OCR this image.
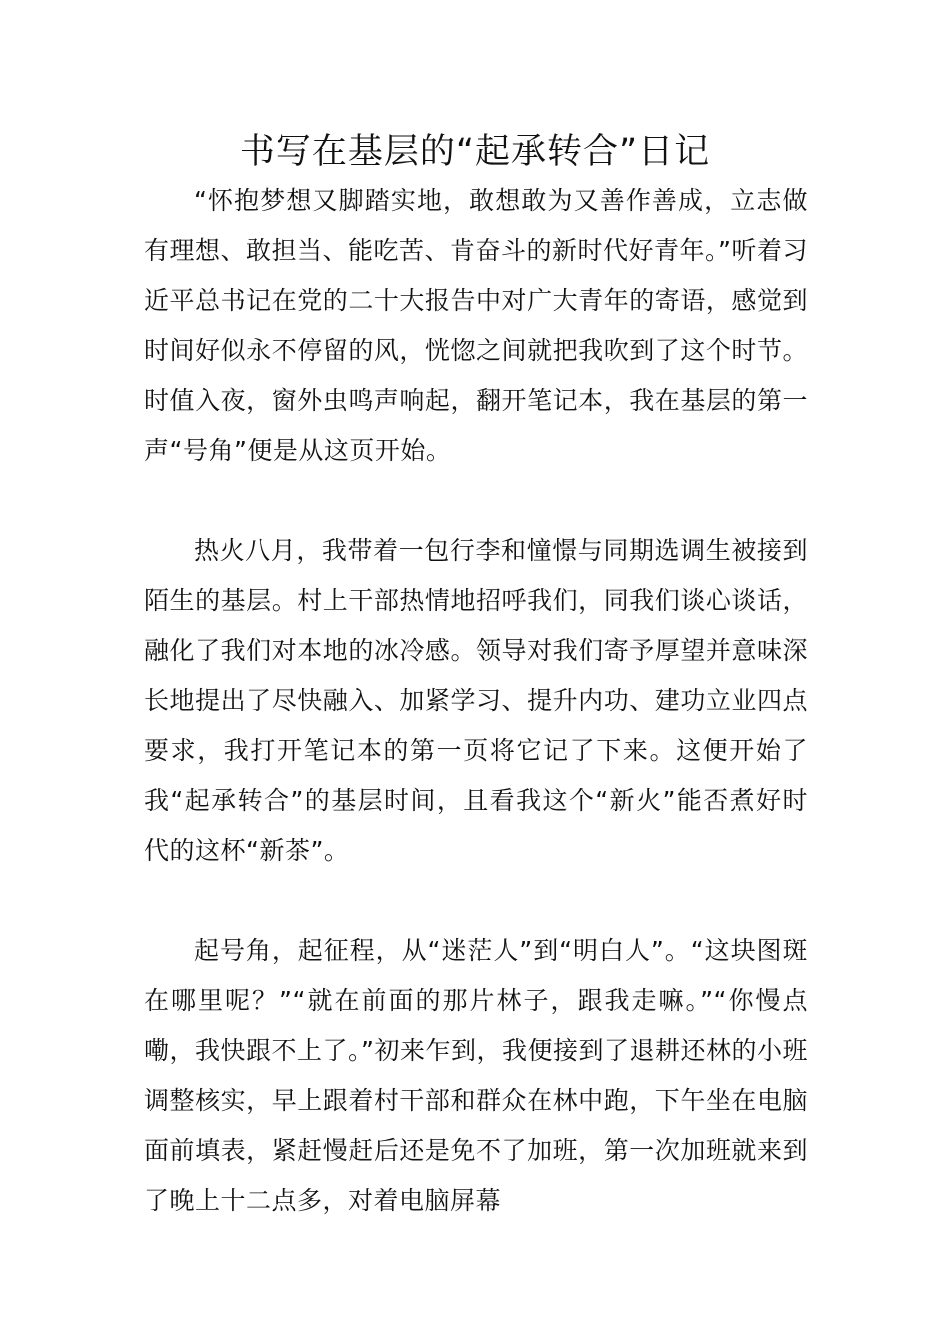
书写在基层的“起承转合”日记

“怀抱梦想又脚踏实地，敢想敢为又善作善成，立志做有理想、敢担当、能吃苦、肯奋斗的新时代好青年。”听着习近平总书记在党的二十大报告中对广大青年的寄语，感觉到时间好似永不停留的风，恍惚之间就把我吹到了这个时节。时值入夜，窗外虫鸣声响起，翻开笔记本，我在基层的第一声“号角”便是从这页开始。

热火八月，我带着一包行李和憧憬与同期选调生被接到陌生的基层。村上干部热情地招呼我们，同我们谈心谈话，融化了我们对本地的冰冷感。领导对我们寄予厚望并意味深长地提出了尽快融入、加紧学习、提升内功、建功立业四点要求，我打开笔记本的第一页将它记了下来。这便开始了我“起承转合”的基层时间，且看我这个“新火”能否煮好时代的这杯“新茶”。

起号角，起征程，从“迷茫人”到“明白人”。“这块图斑在哪里呢？”“就在前面的那片林子，跟我走嘛。”“你慢点嘞，我快跟不上了。”初来乍到，我便接到了退耕还林的小班调整核实，早上跟着村干部和群众在林中跑，下午坐在电脑面前填表，紧赶慢赶后还是免不了加班，第一次加班就来到了晚上十二点多，对着电脑屏幕
